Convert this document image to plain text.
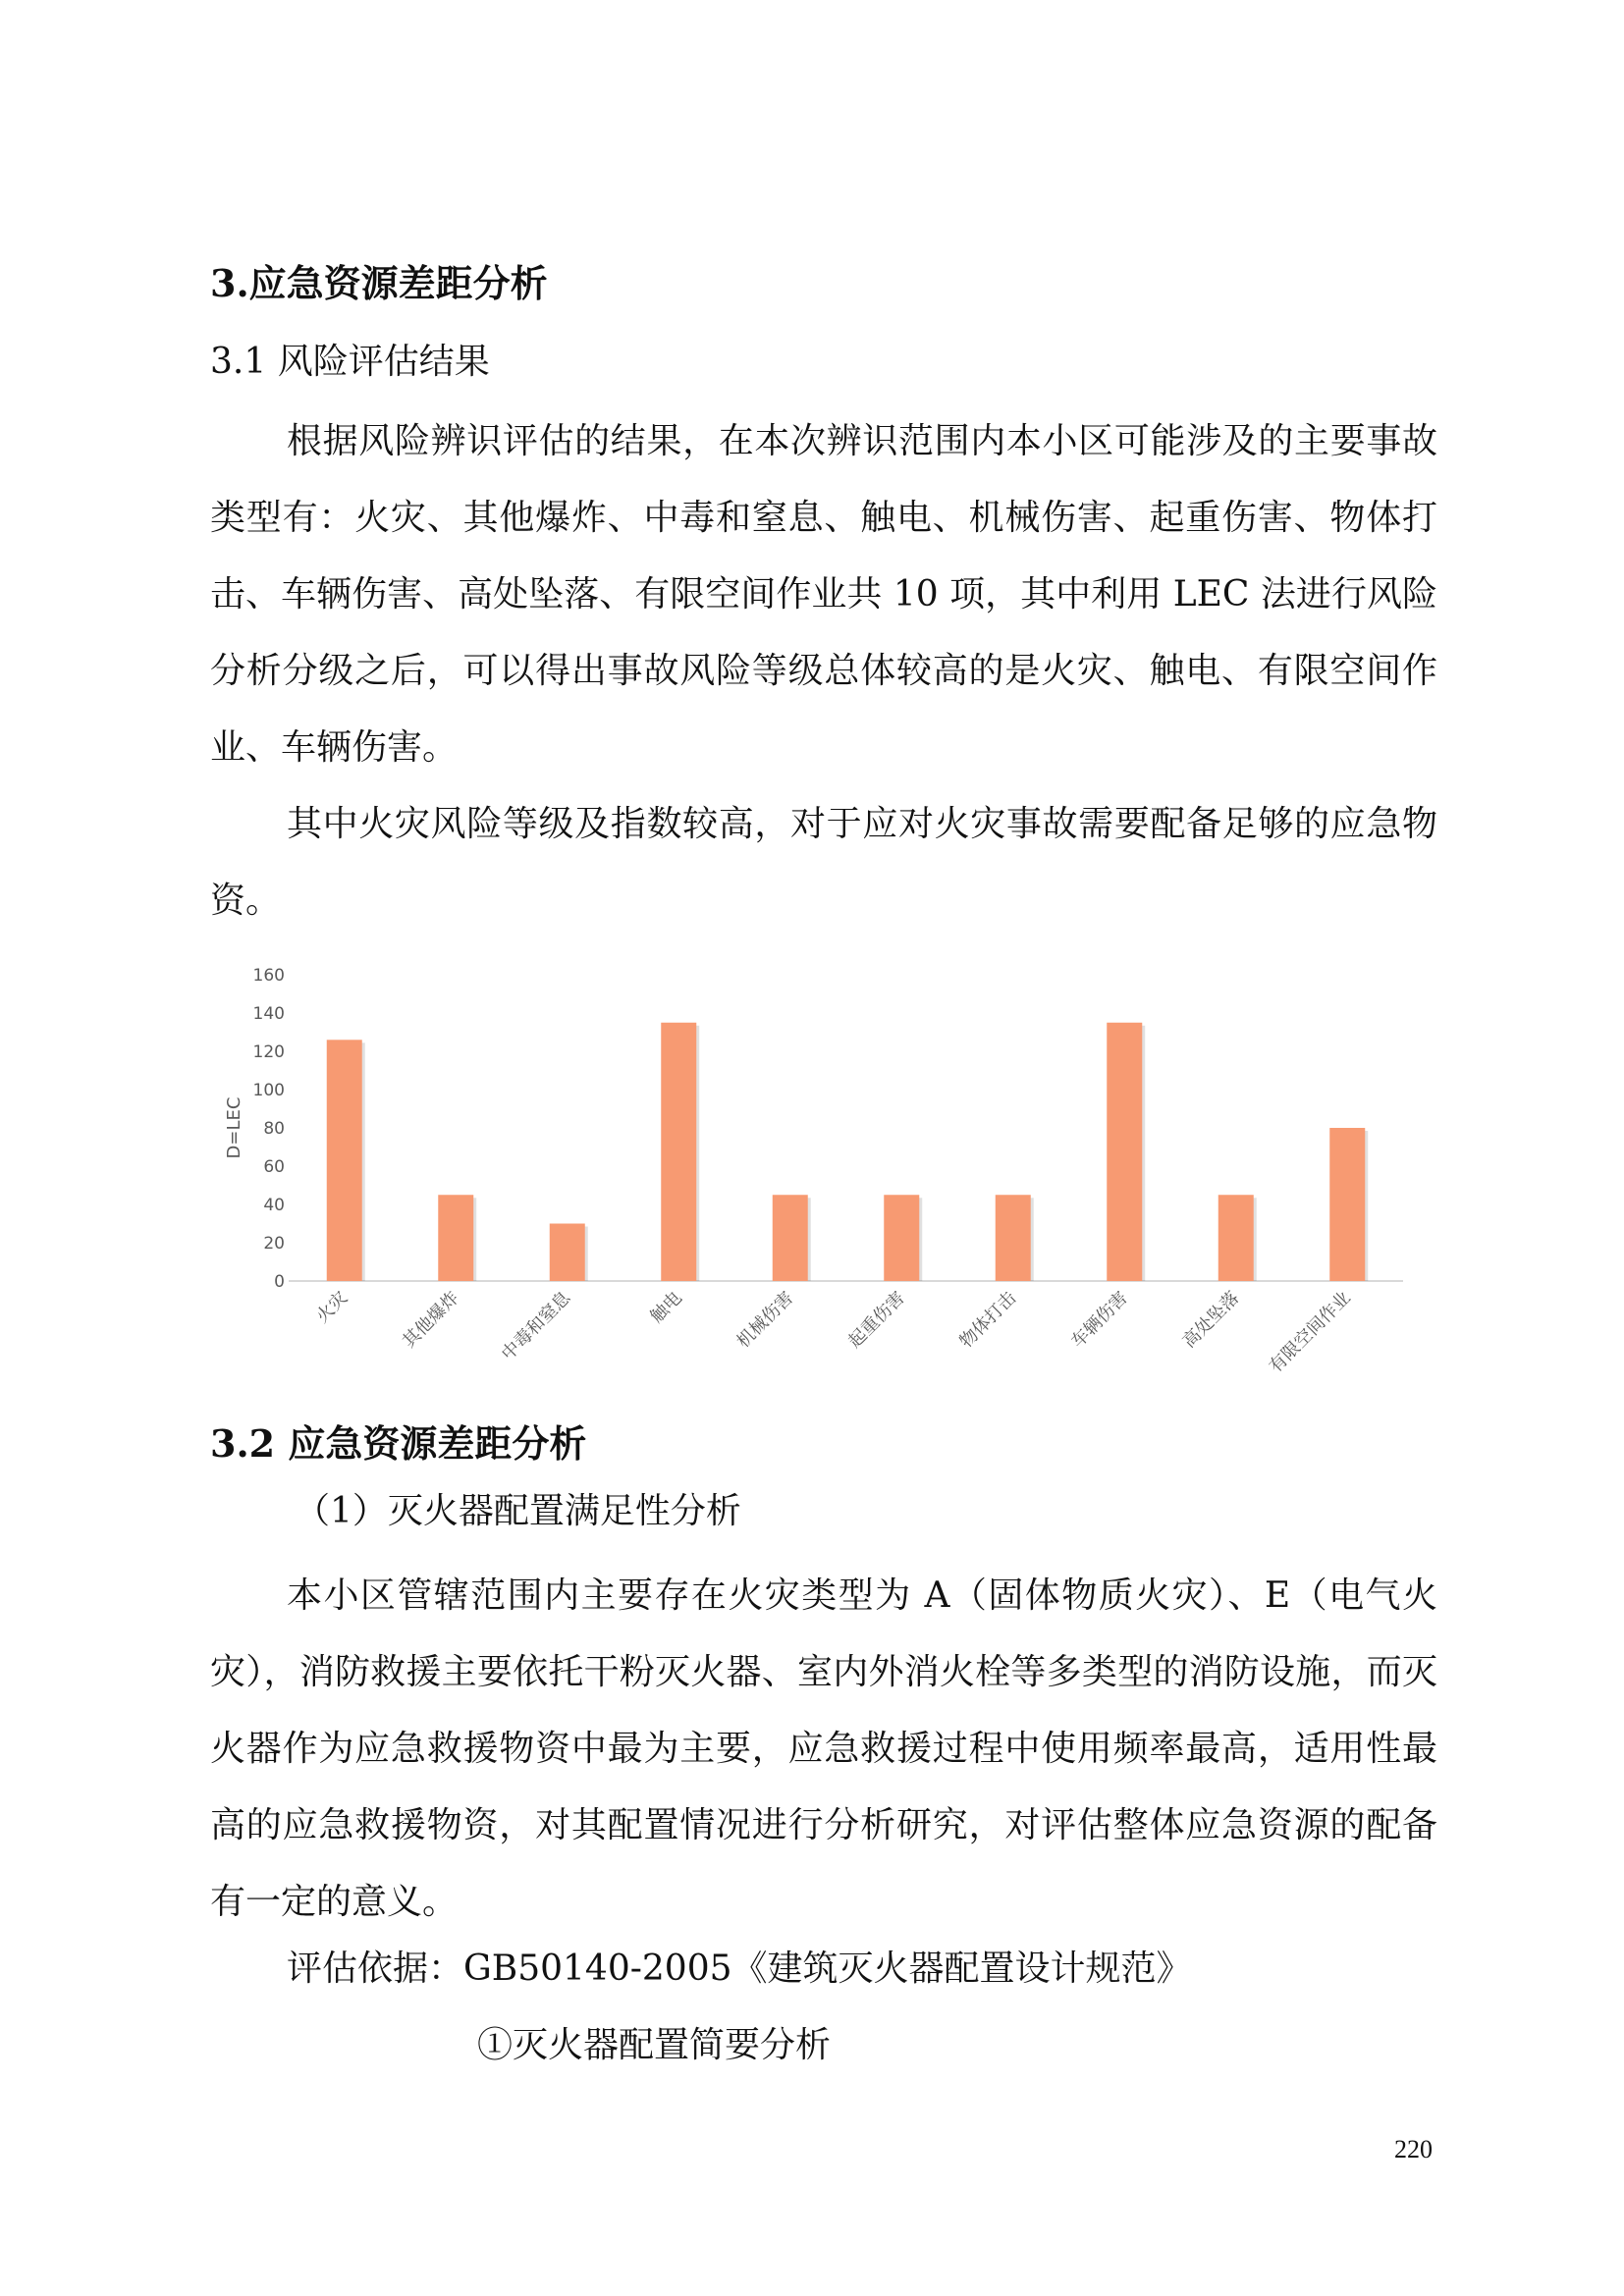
3.应急资源差距分析
3.1 风险评估结果

根据风险辨识评估的结果，在本次辨识范围内本小区可能涉及的主要事故类型有：火灾、其他爆炸、中毒和窒息、触电、机械伤害、起重伤害、物体打击、车辆伤害、高处坠落、有限空间作业共 10 项，其中利用 LEC 法进行风险分析分级之后，可以得出事故风险等级总体较高的是火灾、触电、有限空间作业、车辆伤害。

其中火灾风险等级及指数较高，对于应对火灾事故需要配备足够的应急物资。

0
20
40
60
80
100
120
140
160
D=LEC
火灾	其他爆炸 中毒和窒息	触电	机械伤害	起重伤害	物体打击	车辆伤害	高处坠落 有限空间作业
3.2 应急资源差距分析
（1）灭火器配置满足性分析

本小区管辖范围内主要存在火灾类型为 A（固体物质火灾）、E（电气火灾），消防救援主要依托干粉灭火器、室内外消火栓等多类型的消防设施，而灭火器作为应急救援物资中最为主要，应急救援过程中使用频率最高，适用性最高的应急救援物资，对其配置情况进行分析研究，对评估整体应急资源的配备有一定的意义。

评估依据：GB50140-2005《建筑灭火器配置设计规范》
①灭火器配置简要分析
220
